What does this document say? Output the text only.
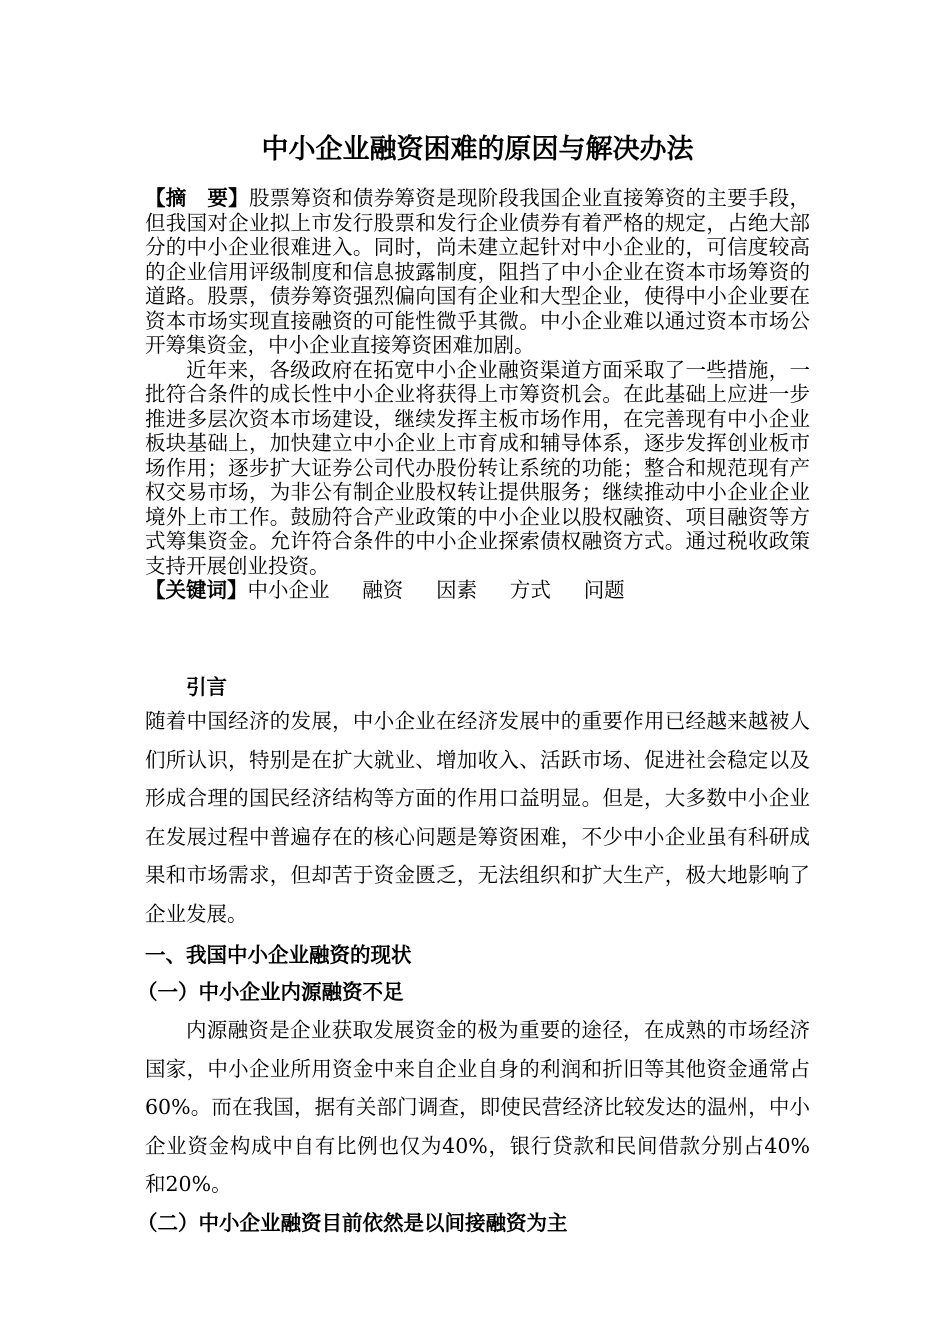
中小企业融资困难的原因与解决办法

【摘　要】股票筹资和债券筹资是现阶段我国企业直接筹资的主要手段，但我国对企业拟上市发行股票和发行企业债券有着严格的规定，占绝大部分的中小企业很难进入。同时，尚未建立起针对中小企业的，可信度较高的企业信用评级制度和信息披露制度，阻挡了中小企业在资本市场筹资的道路。股票，债券筹资强烈偏向国有企业和大型企业，使得中小企业要在资本市场实现直接融资的可能性微乎其微。中小企业难以通过资本市场公开筹集资金，中小企业直接筹资困难加剧。

近年来，各级政府在拓宽中小企业融资渠道方面采取了一些措施，一批符合条件的成长性中小企业将获得上市筹资机会。在此基础上应进一步推进多层次资本市场建设，继续发挥主板市场作用，在完善现有中小企业板块基础上，加快建立中小企业上市育成和辅导体系，逐步发挥创业板市场作用；逐步扩大证券公司代办股份转让系统的功能；整合和规范现有产权交易市场，为非公有制企业股权转让提供服务；继续推动中小企业企业境外上市工作。鼓励符合产业政策的中小企业以股权融资、项目融资等方式筹集资金。允许符合条件的中小企业探索债权融资方式。通过税收政策支持开展创业投资。

【关键词】中小企业 融资 因素 方式 问题

引言

随着中国经济的发展，中小企业在经济发展中的重要作用已经越来越被人们所认识，特别是在扩大就业、增加收入、活跃市场、促进社会稳定以及形成合理的国民经济结构等方面的作用口益明显。但是，大多数中小企业在发展过程中普遍存在的核心问题是筹资困难，不少中小企业虽有科研成果和市场需求，但却苦于资金匮乏，无法组织和扩大生产，极大地影响了企业发展。

一、我国中小企业融资的现状

（一）中小企业内源融资不足

内源融资是企业获取发展资金的极为重要的途径，在成熟的市场经济国家，中小企业所用资金中来自企业自身的利润和折旧等其他资金通常占60%。而在我国，据有关部门调查，即使民营经济比较发达的温州，中小企业资金构成中自有比例也仅为40%，银行贷款和民间借款分别占40%和20%。

（二）中小企业融资目前依然是以间接融资为主
